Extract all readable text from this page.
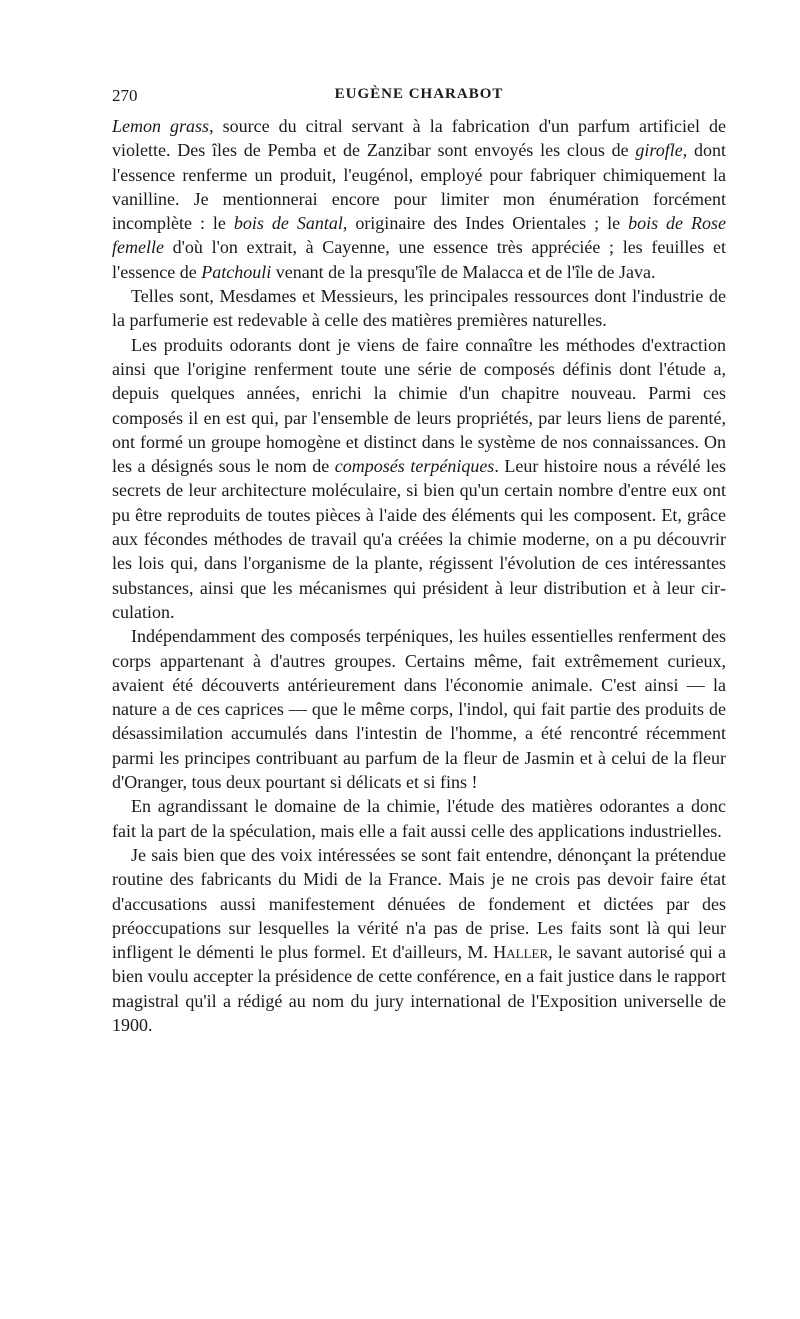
270	EUGÈNE CHARABOT

Lemon grass, source du citral servant à la fabrication d'un parfum artificiel de violette. Des îles de Pemba et de Zanzibar sont envoyés les clous de girofle, dont l'essence renferme un produit, l'eugénol, employé pour fabriquer chimiquement la vanilline. Je mentionnerai encore pour limiter mon énumération forcément incomplète : le bois de Santal, originaire des Indes Orientales ; le bois de Rose femelle d'où l'on extrait, à Cayenne, une essence très appréciée ; les feuilles et l'essence de Patchouli venant de la presqu'île de Malacca et de l'île de Java.

Telles sont, Mesdames et Messieurs, les principales ressources dont l'industrie de la parfumerie est redevable à celle des matières premières naturelles.

Les produits odorants dont je viens de faire connaître les méthodes d'extraction ainsi que l'origine renferment toute une série de composés définis dont l'étude a, depuis quelques années, enrichi la chimie d'un chapitre nouveau. Parmi ces composés il en est qui, par l'ensemble de leurs propriétés, par leurs liens de parenté, ont formé un groupe homogène et distinct dans le système de nos connaissances. On les a désignés sous le nom de composés terpéniques. Leur histoire nous a révélé les secrets de leur architecture moléculaire, si bien qu'un certain nombre d'entre eux ont pu être reproduits de toutes pièces à l'aide des éléments qui les composent. Et, grâce aux fécondes méthodes de travail qu'a créées la chimie moderne, on a pu découvrir les lois qui, dans l'organisme de la plante, régissent l'évolution de ces intéressantes substances, ainsi que les mécanismes qui président à leur distribution et à leur circulation.

Indépendamment des composés terpéniques, les huiles essentielles renferment des corps appartenant à d'autres groupes. Certains même, fait extrêmement curieux, avaient été découverts antérieurement dans l'économie animale. C'est ainsi — la nature a de ces caprices — que le même corps, l'indol, qui fait partie des produits de désassimilation accumulés dans l'intestin de l'homme, a été rencontré récemment parmi les principes contribuant au parfum de la fleur de Jasmin et à celui de la fleur d'Oranger, tous deux pourtant si délicats et si fins !

En agrandissant le domaine de la chimie, l'étude des matières odorantes a donc fait la part de la spéculation, mais elle a fait aussi celle des applications industrielles.

Je sais bien que des voix intéressées se sont fait entendre, dénonçant la prétendue routine des fabricants du Midi de la France. Mais je ne crois pas devoir faire état d'accusations aussi manifestement dénuées de fondement et dictées par des préoccupations sur lesquelles la vérité n'a pas de prise. Les faits sont là qui leur infligent le démenti le plus formel. Et d'ailleurs, M. Haller, le savant autorisé qui a bien voulu accepter la présidence de cette conférence, en a fait justice dans le rapport magistral qu'il a rédigé au nom du jury international de l'Exposition universelle de 1900.
